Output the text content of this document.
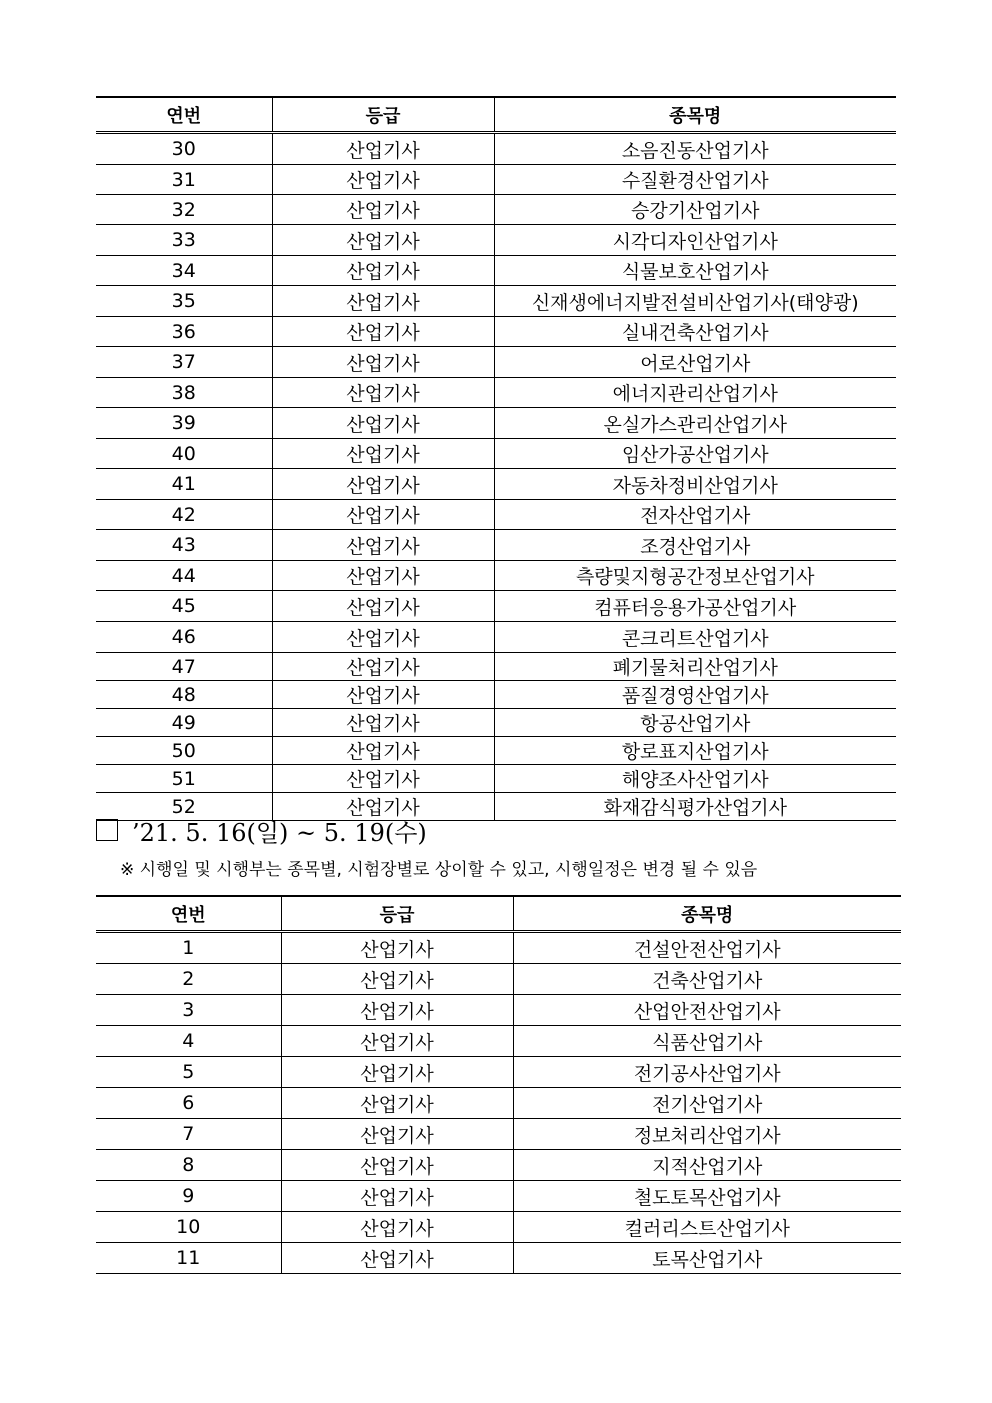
연번	등급	종목명
30	산업기사	소음진동산업기사
31	산업기사	수질환경산업기사
32	산업기사	승강기산업기사
33	산업기사	시각디자인산업기사
34	산업기사	식물보호산업기사
35	산업기사	신재생에너지발전설비산업기사(태양광)
36	산업기사	실내건축산업기사
37	산업기사	어로산업기사
38	산업기사	에너지관리산업기사
39	산업기사	온실가스관리산업기사
40	산업기사	임산가공산업기사
41	산업기사	자동차정비산업기사
42	산업기사	전자산업기사
43	산업기사	조경산업기사
44	산업기사	측량및지형공간정보산업기사
45	산업기사	컴퓨터응용가공산업기사
46	산업기사	콘크리트산업기사
47	산업기사	폐기물처리산업기사
48	산업기사	품질경영산업기사
49	산업기사	항공산업기사
50	산업기사	항로표지산업기사
51	산업기사	해양조사산업기사
52	산업기사	화재감식평가산업기사
’21. 5. 16(일) ~ 5. 19(수)
※ 시행일 및 시행부는 종목별, 시험장별로 상이할 수 있고, 시행일정은 변경 될 수 있음
연번	등급	종목명
1	산업기사	건설안전산업기사
2	산업기사	건축산업기사
3	산업기사	산업안전산업기사
4	산업기사	식품산업기사
5	산업기사	전기공사산업기사
6	산업기사	전기산업기사
7	산업기사	정보처리산업기사
8	산업기사	지적산업기사
9	산업기사	철도토목산업기사
10	산업기사	컬러리스트산업기사
11	산업기사	토목산업기사
